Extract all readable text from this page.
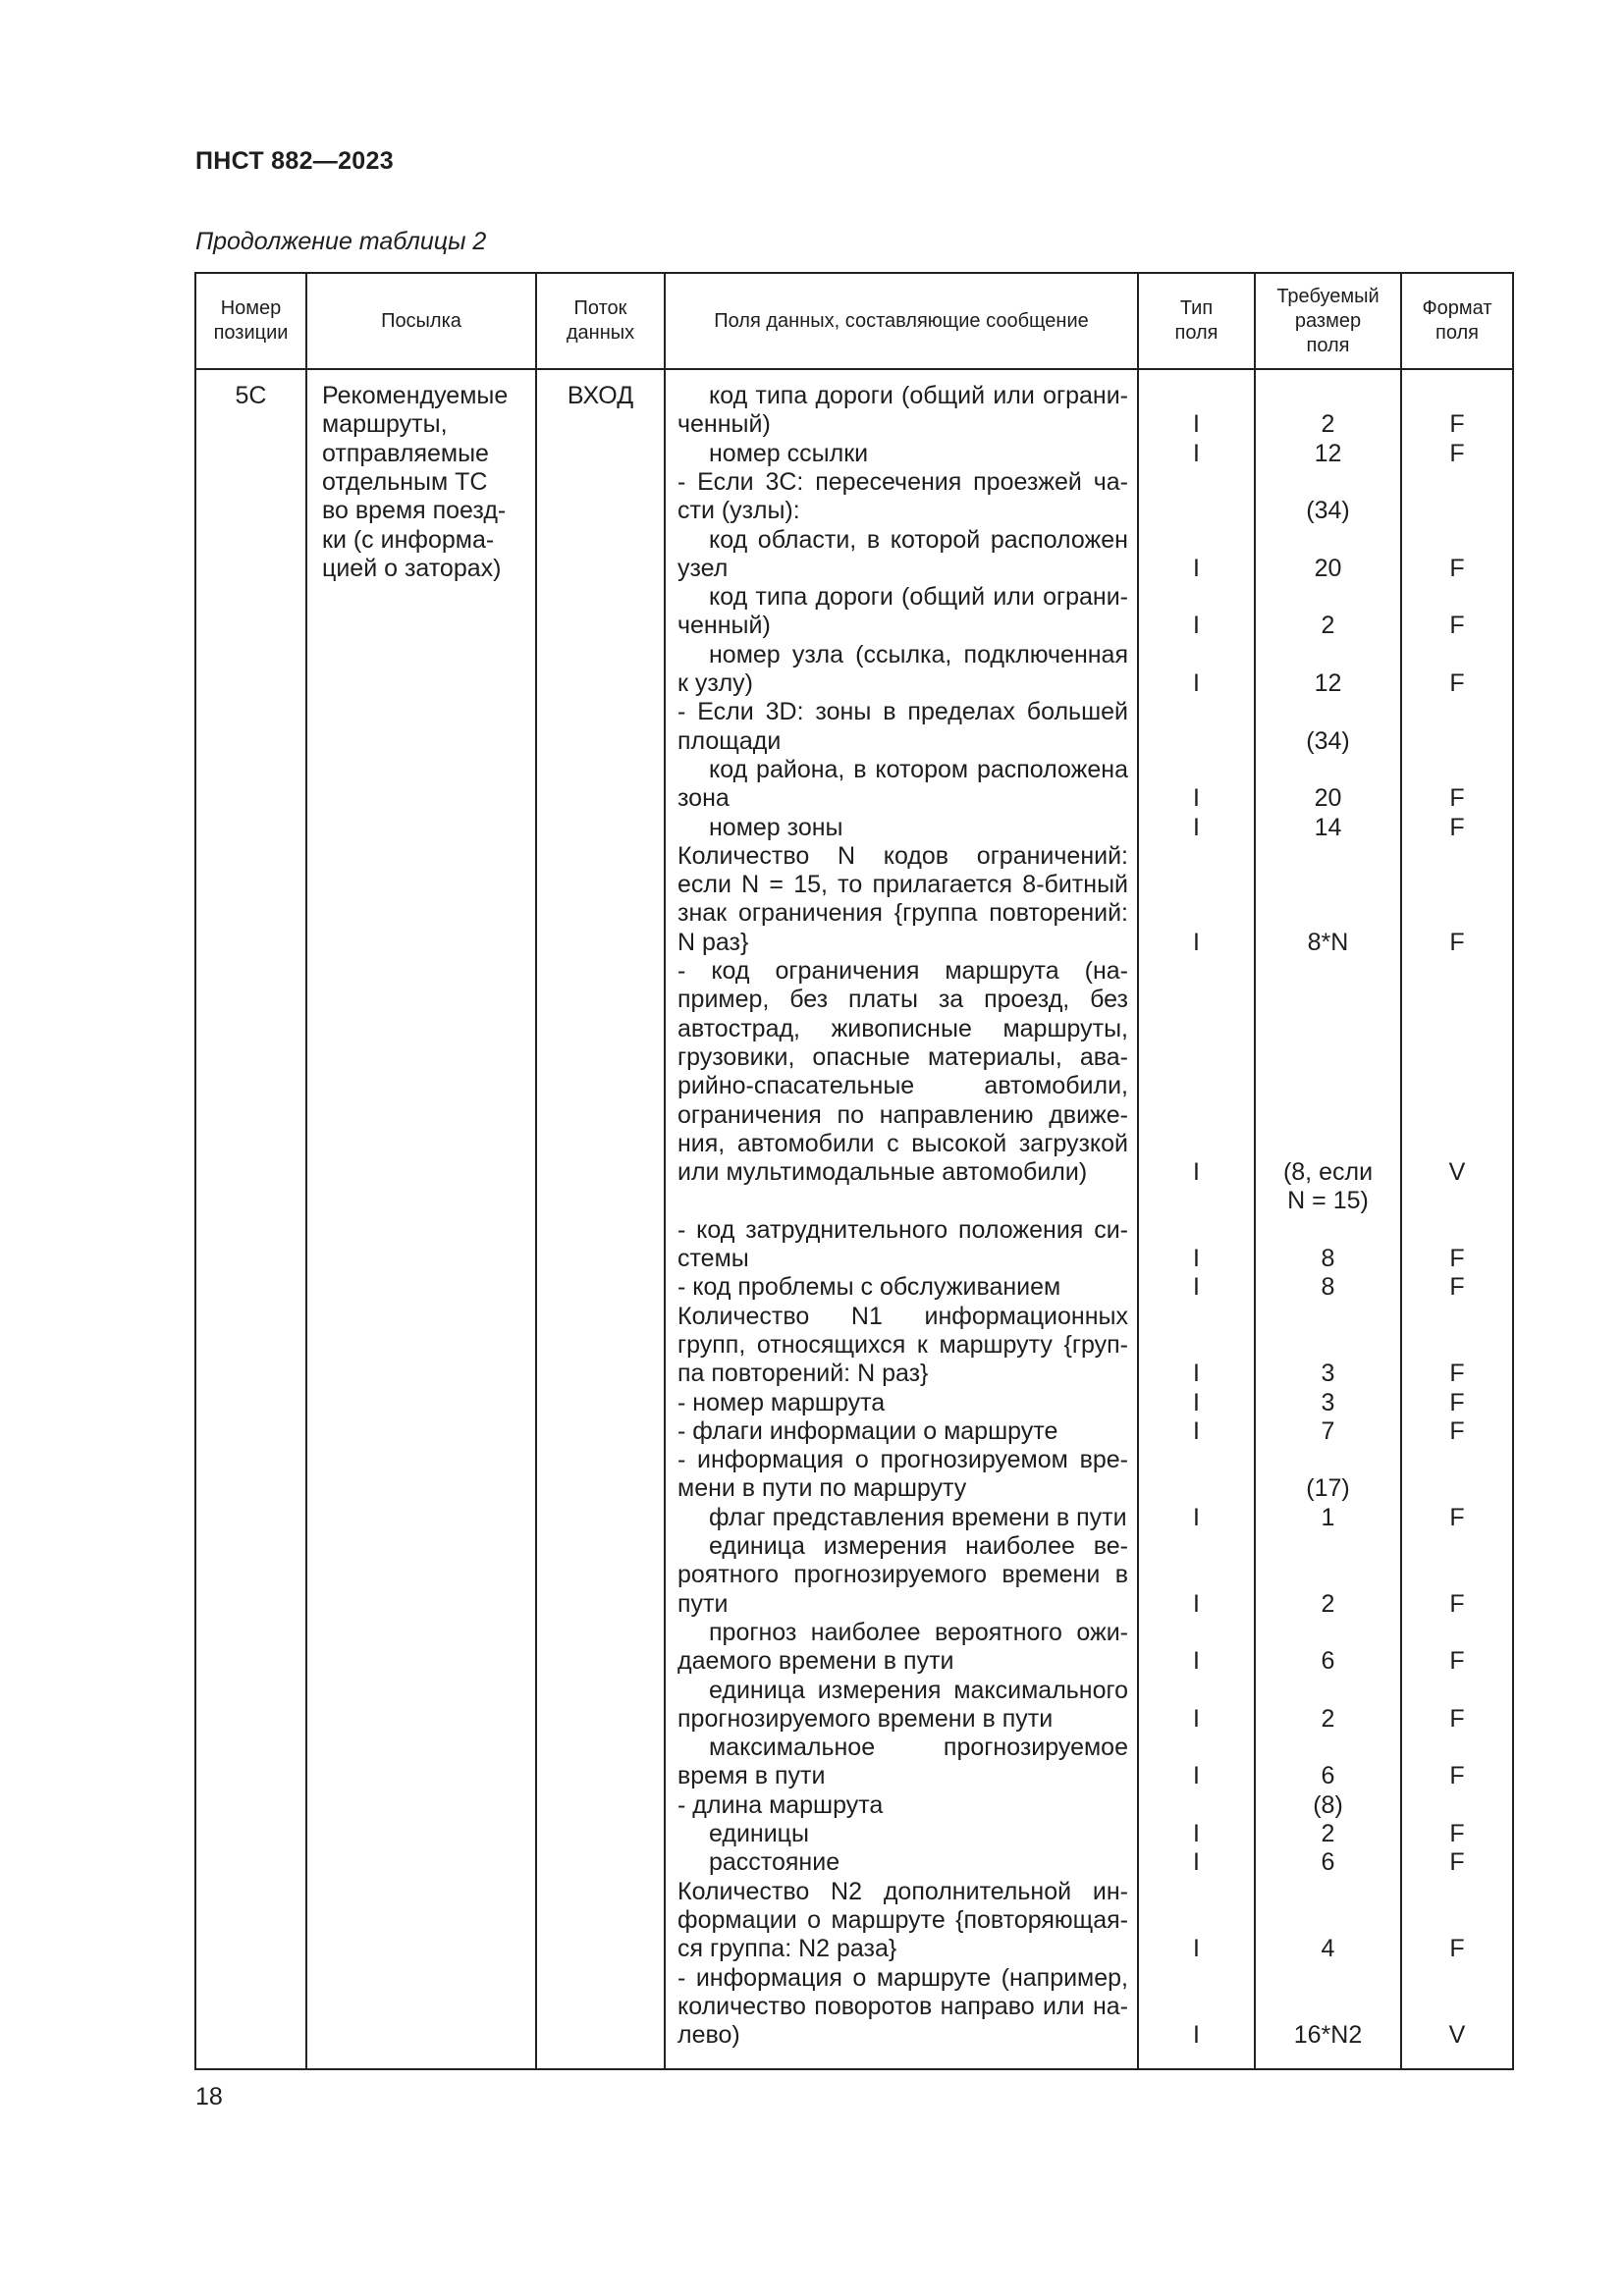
ПНСТ 882—2023
Продолжение таблицы 2
Номер
позиции
Посылка
Поток
данных
Поля данных, составляющие сообщение
Тип
поля
Требуемый
размер
поля
Формат
поля
5C	Рекомендуемые
маршруты,
отправляемые
отдельным ТС
во время поезд-
ки (с информа-
цией о заторах)
ВХОД	код типа дороги (общий или ограни-
ченный)
номер ссылки
- Если 3C: пересечения проезжей ча-
сти (узлы):
код области, в которой расположен
узел
код типа дороги (общий или ограни-
ченный)
номер узла (ссылка, подключенная
к узлу)
- Если 3D: зоны в пределах большей
площади
код района, в котором расположена
зона
номер зоны
Количество N кодов ограничений:
если N = 15, то прилагается 8-битный
знак ограничения {группа повторений:
N раз}
- код ограничения маршрута (на-
пример, без платы за проезд, без
автострад, живописные маршруты,
грузовики, опасные материалы, ава-
рийно-спасательные автомобили,
ограничения по направлению движе-
ния, автомобили с высокой загрузкой
или мультимодальные автомобили)
- код затруднительного положения си-
стемы
- код проблемы с обслуживанием
Количество N1 информационных
групп, относящихся к маршруту {груп-
па повторений: N раз}
- номер маршрута
- флаги информации о маршруте
- информация о прогнозируемом вре-
мени в пути по маршруту
флаг представления времени в пути
единица измерения наиболее ве-
роятного прогнозируемого времени в
пути
прогноз наиболее вероятного ожи-
даемого времени в пути
единица измерения максимального
прогнозируемого времени в пути
максимальное прогнозируемое
время в пути
- длина маршрута
единицы
расстояние
Количество N2 дополнительной ин-
формации о маршруте {повторяющая-
ся группа: N2 раза}
- информация о маршруте (например,
количество поворотов направо или на-
лево)
I
I
I
I
I
I
I
I
I
I
I
I
I
I
I
I
I
I
I
I
I
I
I
2
12
(34)
20
2
12
(34)
20
14
8*N
(8, если
N = 15)
8
8
3
3
7
(17)
1
2
6
2
6
(8)
2
6
4
16*N2
F
F
F
F
F
F
F
F
V
F
F
F
F
F
F
F
F
F
F
F
F
F
V
18
